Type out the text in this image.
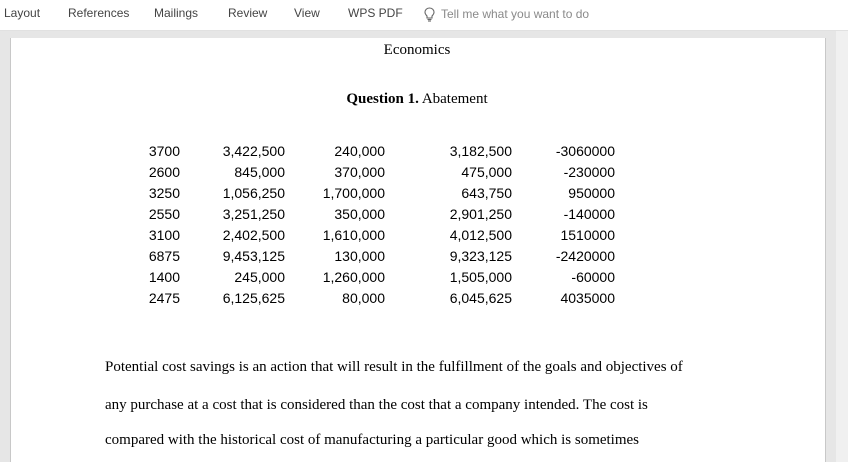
Layout References Mailings Review View WPS PDF	Tell me what you want to do
Economics
Question 1. Abatement
3700	3,422,500	240,000	3,182,500	-3060000
2600	845,000	370,000	475,000	-230000
3250	1,056,250	1,700,000	643,750	950000
2550	3,251,250	350,000	2,901,250	-140000
3100	2,402,500	1,610,000	4,012,500	1510000
6875	9,453,125	130,000	9,323,125	-2420000
1400	245,000	1,260,000	1,505,000	-60000
2475	6,125,625	80,000	6,045,625	4035000
Potential cost savings is an action that will result in the fulfillment of the goals and objectives of
any purchase at a cost that is considered than the cost that a company intended. The cost is
compared with the historical cost of manufacturing a particular good which is sometimes
